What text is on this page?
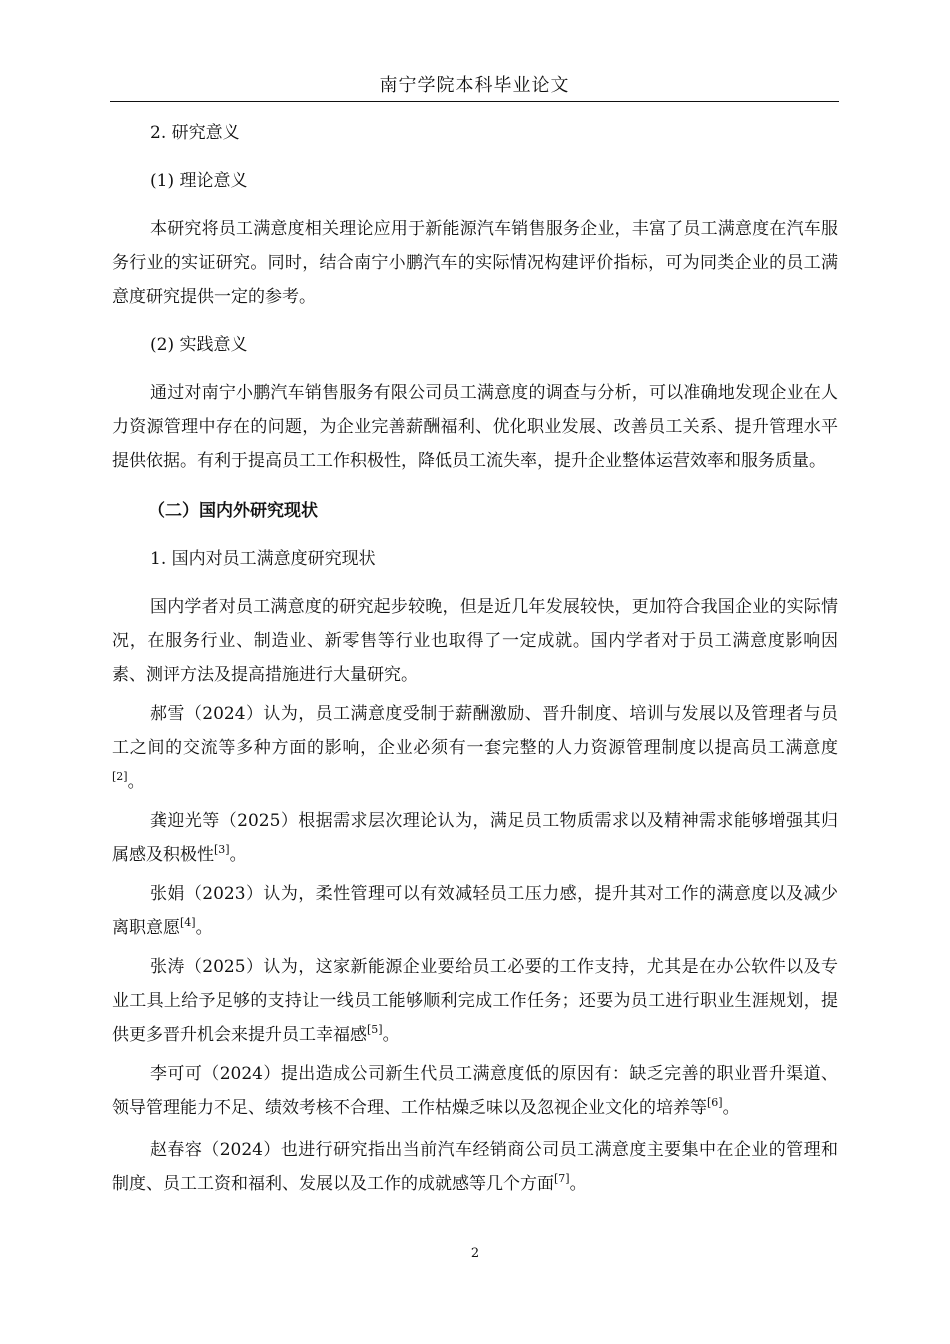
南宁学院本科毕业论文

2. 研究意义

(1) 理论意义

本研究将员工满意度相关理论应用于新能源汽车销售服务企业，丰富了员工满意度在汽车服务行业的实证研究。同时，结合南宁小鹏汽车的实际情况构建评价指标，可为同类企业的员工满意度研究提供一定的参考。

(2) 实践意义

通过对南宁小鹏汽车销售服务有限公司员工满意度的调查与分析，可以准确地发现企业在人力资源管理中存在的问题，为企业完善薪酬福利、优化职业发展、改善员工关系、提升管理水平提供依据。有利于提高员工工作积极性，降低员工流失率，提升企业整体运营效率和服务质量。

（二）国内外研究现状

1. 国内对员工满意度研究现状

国内学者对员工满意度的研究起步较晚，但是近几年发展较快，更加符合我国企业的实际情况，在服务行业、制造业、新零售等行业也取得了一定成就。国内学者对于员工满意度影响因素、测评方法及提高措施进行大量研究。

郝雪（2024）认为，员工满意度受制于薪酬激励、晋升制度、培训与发展以及管理者与员工之间的交流等多种方面的影响，企业必须有一套完整的人力资源管理制度以提高员工满意度[2]。

龚迎光等（2025）根据需求层次理论认为，满足员工物质需求以及精神需求能够增强其归属感及积极性[3]。

张娟（2023）认为，柔性管理可以有效减轻员工压力感，提升其对工作的满意度以及减少离职意愿[4]。

张涛（2025）认为，这家新能源企业要给员工必要的工作支持，尤其是在办公软件以及专业工具上给予足够的支持让一线员工能够顺利完成工作任务；还要为员工进行职业生涯规划，提供更多晋升机会来提升员工幸福感[5]。

李可可（2024）提出造成公司新生代员工满意度低的原因有：缺乏完善的职业晋升渠道、领导管理能力不足、绩效考核不合理、工作枯燥乏味以及忽视企业文化的培养等[6]。

赵春容（2024）也进行研究指出当前汽车经销商公司员工满意度主要集中在企业的管理和制度、员工工资和福利、发展以及工作的成就感等几个方面[7]。

2
